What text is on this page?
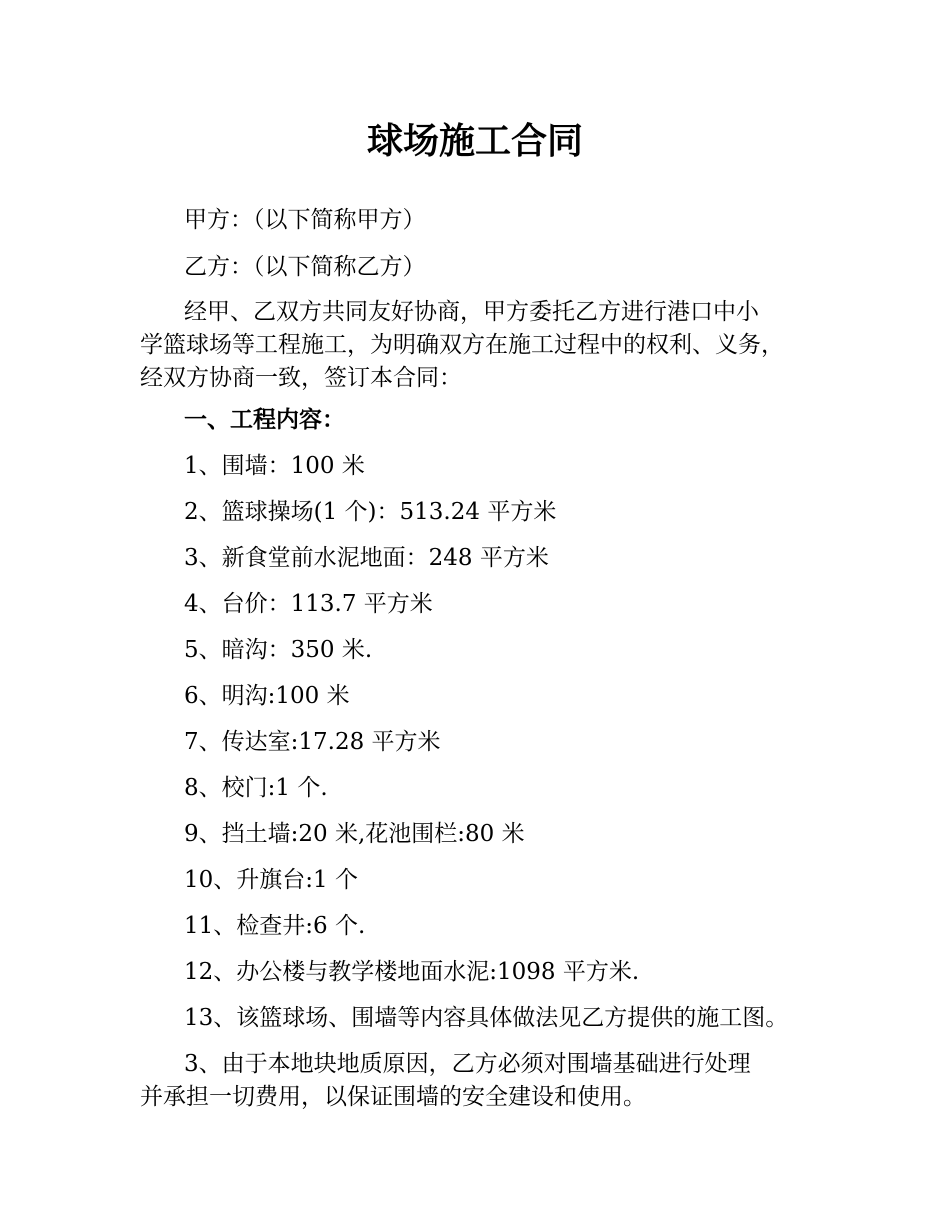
球场施工合同

甲方：（以下简称甲方）

乙方：（以下简称乙方）

经甲、乙双方共同友好协商，甲方委托乙方进行港口中小
学篮球场等工程施工，为明确双方在施工过程中的权利、义务，
经双方协商一致，签订本合同：

一、工程内容：

1、围墙：100 米

2、篮球操场(1 个)：513.24 平方米

3、新食堂前水泥地面：248 平方米

4、台价：113.7 平方米

5、暗沟：350 米.

6、明沟:100 米

7、传达室:17.28 平方米

8、校门:1 个.

9、挡土墙:20 米,花池围栏:80 米

10、升旗台:1 个

11、检查井:6 个.

12、办公楼与教学楼地面水泥:1098 平方米.

13、该篮球场、围墙等内容具体做法见乙方提供的施工图。

3、由于本地块地质原因，乙方必须对围墙基础进行处理
并承担一切费用，以保证围墙的安全建设和使用。
